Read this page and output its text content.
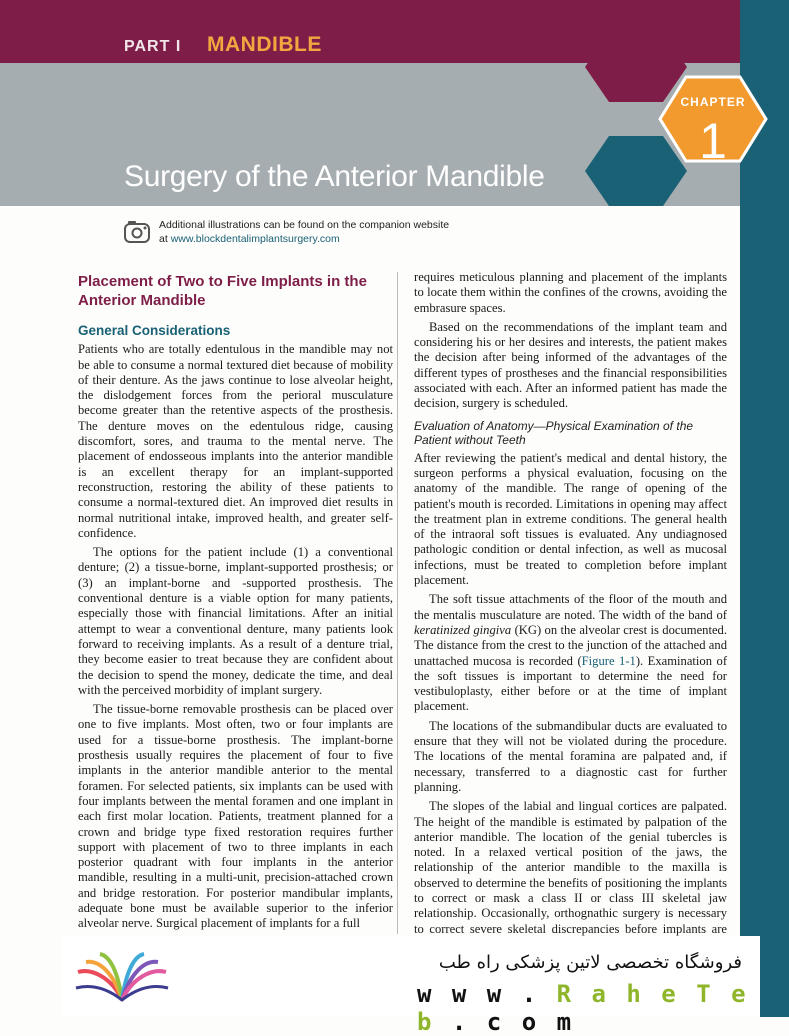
PART I MANDIBLE
Surgery of the Anterior Mandible
CHAPTER
1
Additional illustrations can be found on the companion website at www.blockdentalimplantsurgery.com
Placement of Two to Five Implants in the Anterior Mandible
General Considerations

Patients who are totally edentulous in the mandible may not be able to consume a normal textured diet because of mobility of their denture. As the jaws continue to lose alveolar height, the dislodgement forces from the perioral musculature become greater than the retentive aspects of the prosthesis. The denture moves on the edentulous ridge, causing discomfort, sores, and trauma to the mental nerve. The placement of endosseous implants into the anterior mandible is an excellent therapy for an implant-supported reconstruction, restoring the ability of these patients to consume a normal-textured diet. An improved diet results in normal nutritional intake, improved health, and greater self-confidence.

The options for the patient include (1) a conventional denture; (2) a tissue-borne, implant-supported prosthesis; or (3) an implant-borne and -supported prosthesis. The conventional denture is a viable option for many patients, especially those with financial limitations. After an initial attempt to wear a conventional denture, many patients look forward to receiving implants. As a result of a denture trial, they become easier to treat because they are confident about the decision to spend the money, dedicate the time, and deal with the perceived morbidity of implant surgery.

The tissue-borne removable prosthesis can be placed over one to five implants. Most often, two or four implants are used for a tissue-borne prosthesis. The implant-borne prosthesis usually requires the placement of four to five implants in the anterior mandible anterior to the mental foramen. For selected patients, six implants can be used with four implants between the mental foramen and one implant in each first molar location. Patients, treatment planned for a crown and bridge type fixed restoration requires further support with placement of two to three implants in each posterior quadrant with four implants in the anterior mandible, resulting in a multi-unit, precision-attached crown and bridge restoration. For posterior mandibular implants, adequate bone must be available superior to the inferior alveolar nerve. Surgical placement of implants for a full

requires meticulous planning and placement of the implants to locate them within the confines of the crowns, avoiding the embrasure spaces.

Based on the recommendations of the implant team and considering his or her desires and interests, the patient makes the decision after being informed of the advantages of the different types of prostheses and the financial responsibilities associated with each. After an informed patient has made the decision, surgery is scheduled.

Evaluation of Anatomy—Physical Examination of the Patient without Teeth

After reviewing the patient's medical and dental history, the surgeon performs a physical evaluation, focusing on the anatomy of the mandible. The range of opening of the patient's mouth is recorded. Limitations in opening may affect the treatment plan in extreme conditions. The general health of the intraoral soft tissues is evaluated. Any undiagnosed pathologic condition or dental infection, as well as mucosal infections, must be treated to completion before implant placement.

The soft tissue attachments of the floor of the mouth and the mentalis musculature are noted. The width of the band of keratinized gingiva (KG) on the alveolar crest is documented. The distance from the crest to the junction of the attached and unattached mucosa is recorded (Figure 1-1). Examination of the soft tissues is important to determine the need for vestibuloplasty, either before or at the time of implant placement.

The locations of the submandibular ducts are evaluated to ensure that they will not be violated during the procedure. The locations of the mental foramina are palpated and, if necessary, transferred to a diagnostic cast for further planning.

The slopes of the labial and lingual cortices are palpated. The height of the mandible is estimated by palpation of the anterior mandible. The location of the genial tubercles is noted. In a relaxed vertical position of the jaws, the relationship of the anterior mandible to the maxilla is observed to determine the benefits of positioning the implants to correct or mask a class II or class III skeletal jaw relationship. Occasionally, orthognathic surgery is necessary to correct severe skeletal discrepancies before implants are

فروشگاه تخصصی لاتین پزشکی راه طب
w w w . R a h e T e b . c o m
